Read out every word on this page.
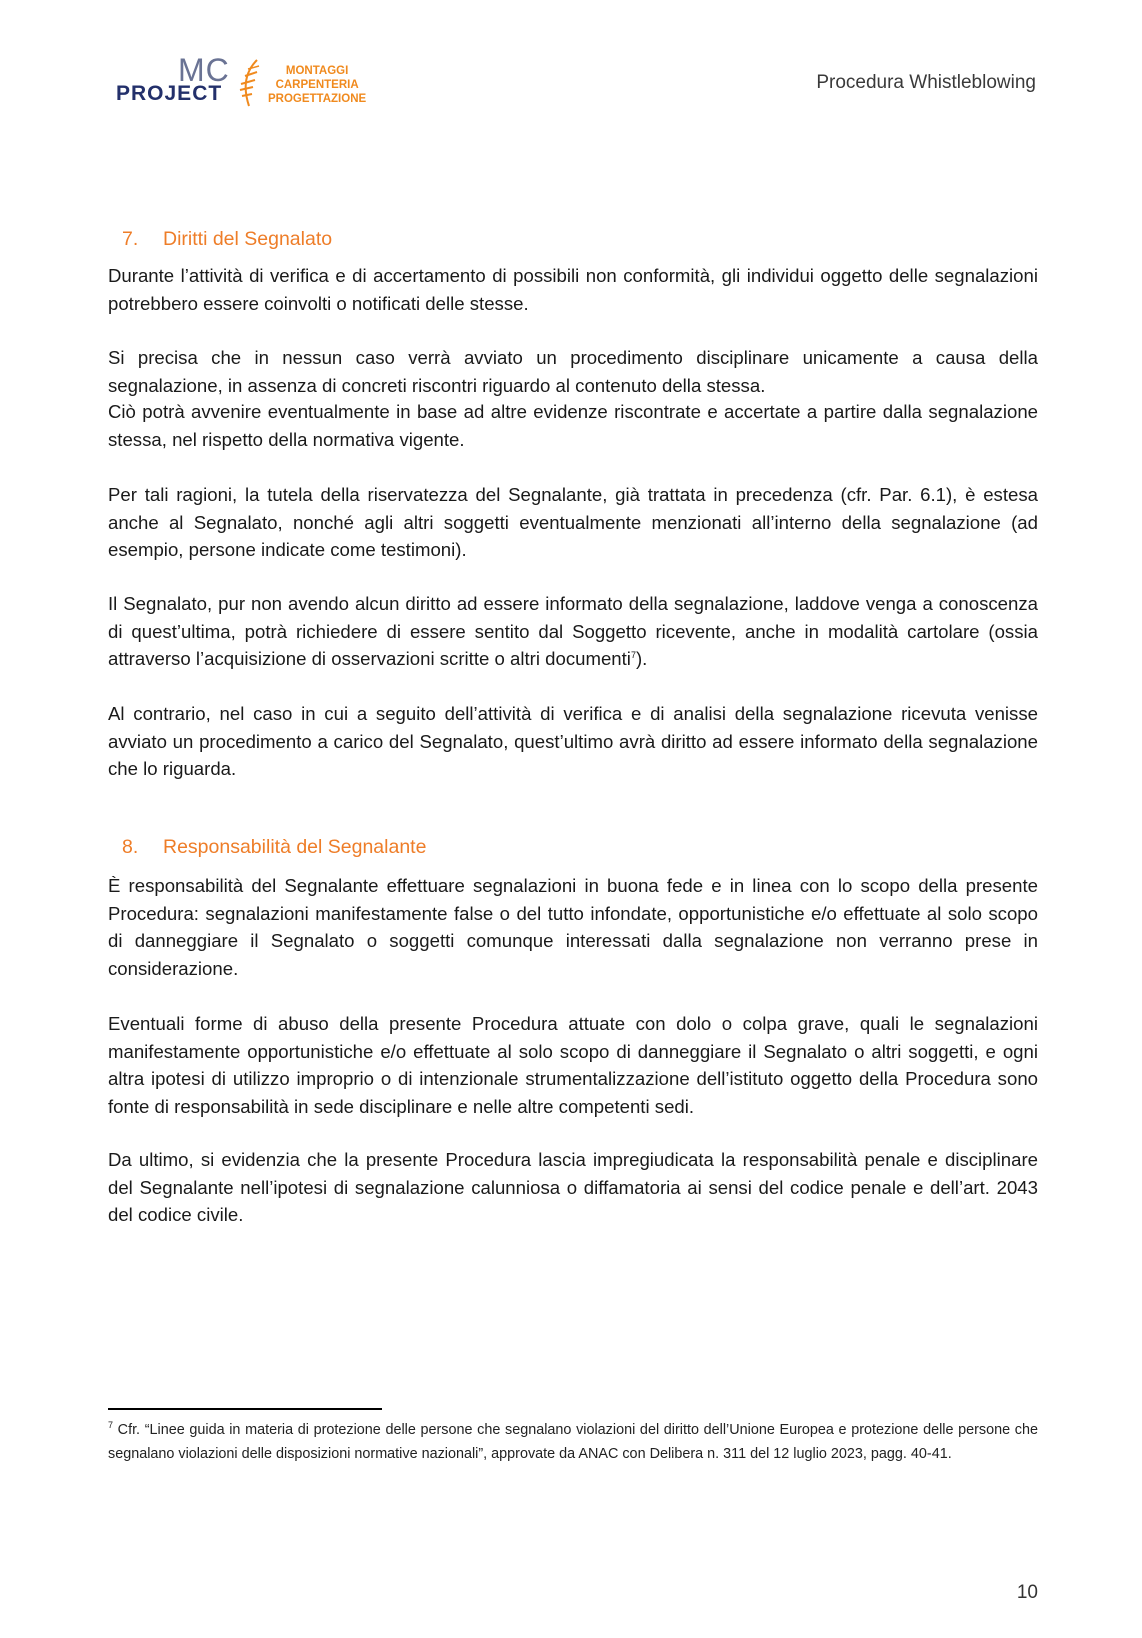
MC
PROJECT
MONTAGGI
CARPENTERIA
PROGETTAZIONE
Procedura Whistleblowing
7. Diritti del Segnalato

Durante l’attività di verifica e di accertamento di possibili non conformità, gli individui oggetto delle segnalazioni potrebbero essere coinvolti o notificati delle stesse.

Si precisa che in nessun caso verrà avviato un procedimento disciplinare unicamente a causa della segnalazione, in assenza di concreti riscontri riguardo al contenuto della stessa.

Ciò potrà avvenire eventualmente in base ad altre evidenze riscontrate e accertate a partire dalla segnalazione stessa, nel rispetto della normativa vigente.

Per tali ragioni, la tutela della riservatezza del Segnalante, già trattata in precedenza (cfr. Par. 6.1), è estesa anche al Segnalato, nonché agli altri soggetti eventualmente menzionati all’interno della segnalazione (ad esempio, persone indicate come testimoni).

Il Segnalato, pur non avendo alcun diritto ad essere informato della segnalazione, laddove venga a conoscenza di quest’ultima, potrà richiedere di essere sentito dal Soggetto ricevente, anche in modalità cartolare (ossia attraverso l’acquisizione di osservazioni scritte o altri documenti$^7$).

Al contrario, nel caso in cui a seguito dell’attività di verifica e di analisi della segnalazione ricevuta venisse avviato un procedimento a carico del Segnalato, quest’ultimo avrà diritto ad essere informato della segnalazione che lo riguarda.

8. Responsabilità del Segnalante

È responsabilità del Segnalante effettuare segnalazioni in buona fede e in linea con lo scopo della presente Procedura: segnalazioni manifestamente false o del tutto infondate, opportunistiche e/o effettuate al solo scopo di danneggiare il Segnalato o soggetti comunque interessati dalla segnalazione non verranno prese in considerazione.

Eventuali forme di abuso della presente Procedura attuate con dolo o colpa grave, quali le segnalazioni manifestamente opportunistiche e/o effettuate al solo scopo di danneggiare il Segnalato o altri soggetti, e ogni altra ipotesi di utilizzo improprio o di intenzionale strumentalizzazione dell’istituto oggetto della Procedura sono fonte di responsabilità in sede disciplinare e nelle altre competenti sedi.

Da ultimo, si evidenzia che la presente Procedura lascia impregiudicata la responsabilità penale e disciplinare del Segnalante nell’ipotesi di segnalazione calunniosa o diffamatoria ai sensi del codice penale e dell’art. 2043 del codice civile.

$^7$ Cfr. “Linee guida in materia di protezione delle persone che segnalano violazioni del diritto dell’Unione Europea e protezione delle persone che segnalano violazioni delle disposizioni normative nazionali”, approvate da ANAC con Delibera n. 311 del 12 luglio 2023, pagg. 40-41.

10
